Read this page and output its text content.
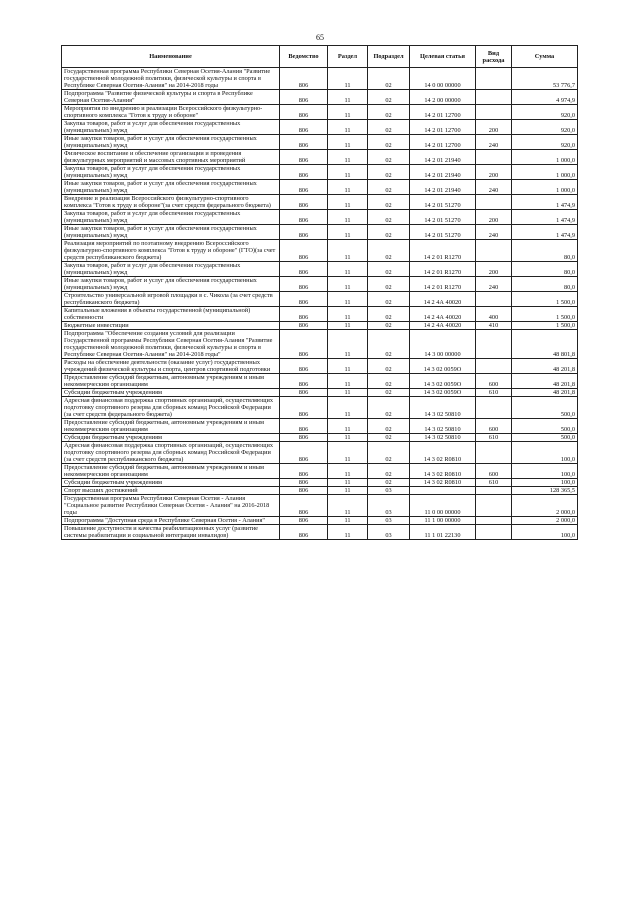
65
Наименование	Ведомство	Раздел	Подраздел	Целевая статья	Вид расхода	Сумма
Государственная программа Республики Северная Осетия-Алания "Развитие государственной молодежной политики, физической культуры и спорта в Республике Северная Осетия-Алания" на 2014-2018 годы	806	11	02	14 0 00 00000		53 776,7
Подпрограмма "Развитие физической культуры и спорта в Республике Северная Осетия-Алания"	806	11	02	14 2 00 00000		4 974,9
Мероприятия по внедрению и реализации Всероссийского физкультурно-спортивного комплекса "Готов к труду и обороне"	806	11	02	14 2 01 12700		920,0
Закупка товаров, работ и услуг для обеспечения государственных (муниципальных) нужд	806	11	02	14 2 01 12700	200	920,0
Иные закупки товаров, работ и услуг для обеспечения государственных (муниципальных) нужд	806	11	02	14 2 01 12700	240	920,0
Физическое воспитание и обеспечение организации и проведения физкультурных мероприятий и массовых спортивных мероприятий	806	11	02	14 2 01 21940		1 000,0
Закупка товаров, работ и услуг для обеспечения государственных (муниципальных) нужд	806	11	02	14 2 01 21940	200	1 000,0
Иные закупки товаров, работ и услуг для обеспечения государственных (муниципальных) нужд	806	11	02	14 2 01 21940	240	1 000,0
Внедрение и реализация Всероссийского физкультурно-спортивного комплекса "Готов к труду и обороне"(за счет средств федерального бюджета)	806	11	02	14 2 01 51270		1 474,9
Закупка товаров, работ и услуг для обеспечения государственных (муниципальных) нужд	806	11	02	14 2 01 51270	200	1 474,9
Иные закупки товаров, работ и услуг для обеспечения государственных (муниципальных) нужд	806	11	02	14 2 01 51270	240	1 474,9
Реализация мероприятий по поэтапному внедрению Всероссийского физкультурно-спортивного комплекса "Готов к труду и обороне" (ГТО)(за счет средств республиканского бюджета)	806	11	02	14 2 01 R1270		80,0
Закупка товаров, работ и услуг для обеспечения государственных (муниципальных) нужд	806	11	02	14 2 01 R1270	200	80,0
Иные закупки товаров, работ и услуг для обеспечения государственных (муниципальных) нужд	806	11	02	14 2 01 R1270	240	80,0
Строительство универсальной игровой площадки в с. Чикола (за счет средств республиканского бюджета)	806	11	02	14 2 4А 40020		1 500,0
Капитальные вложения в объекты государственной (муниципальной) собственности	806	11	02	14 2 4А 40020	400	1 500,0
Бюджетные инвестиции	806	11	02	14 2 4А 40020	410	1 500,0
Подпрограмма "Обеспечение создания условий для реализации Государственной программы Республики Северная Осетия-Алания "Развитие государственной молодежной политики, физической культуры и спорта в Республике Северная Осетия-Алания" на 2014-2018 годы"	806	11	02	14 3 00 00000		48 801,8
Расходы на обеспечение деятельности (оказание услуг) государственных учреждений физической культуры и спорта, центров спортивной подготовки	806	11	02	14 3 02 0059О		48 201,8
Предоставление субсидий бюджетным, автономным учреждениям и иным некоммерческим организациям	806	11	02	14 3 02 0059О	600	48 201,8
Субсидии бюджетным учреждениям	806	11	02	14 3 02 0059О	610	48 201,8
Адресная финансовая поддержка спортивных организаций, осуществляющих подготовку спортивного резерва для сборных команд Российской Федерации (за счет средств федерального бюджета)	806	11	02	14 3 02 50810		500,0
Предоставление субсидий бюджетным, автономным учреждениям и иным некоммерческим организациям	806	11	02	14 3 02 50810	600	500,0
Субсидии бюджетным учреждениям	806	11	02	14 3 02 50810	610	500,0
Адресная финансовая поддержка спортивных организаций, осуществляющих подготовку спортивного резерва для сборных команд Российской Федерации (за счет средств республиканского бюджета)	806	11	02	14 3 02 R0810		100,0
Предоставление субсидий бюджетным, автономным учреждениям и иным некоммерческим организациям	806	11	02	14 3 02 R0810	600	100,0
Субсидии бюджетным учреждениям	806	11	02	14 3 02 R0810	610	100,0
Спорт высших достижений	806	11	03			128 365,5
Государственная программа Республики Северная Осетия - Алания "Социальное развитие Республики Северная Осетия - Алания" на 2016-2018 годы	806	11	03	11 0 00 00000		2 000,0
Подпрограмма "Доступная среда в Республике Северная Осетия - Алания"	806	11	03	11 1 00 00000		2 000,0
Повышение доступности и качества реабилитационных услуг (развитие системы реабилитации и социальной интеграции инвалидов)	806	11	03	11 1 01 22130		100,0
